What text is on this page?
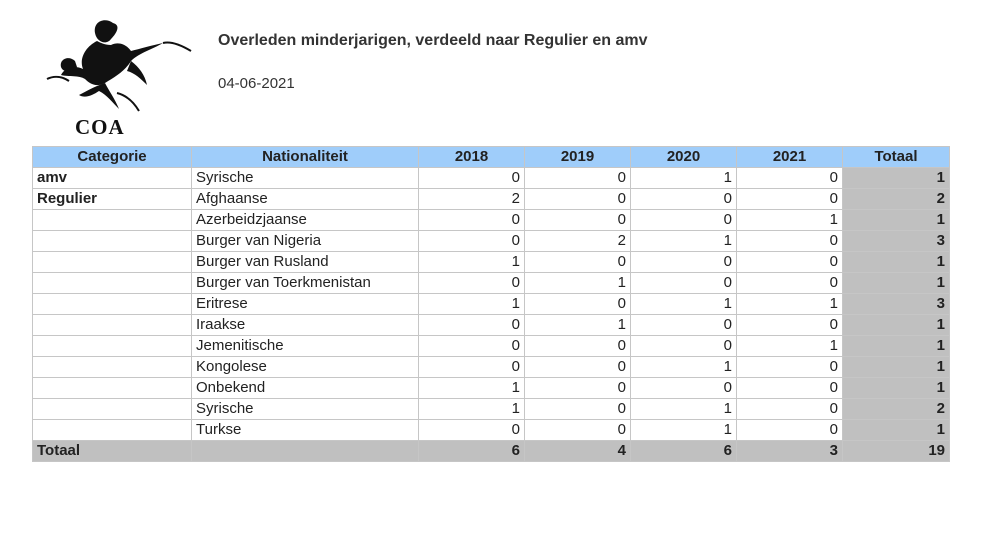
COA
Overleden minderjarigen, verdeeld naar Regulier en amv
04-06-2021
Categorie	Nationaliteit	2018	2019	2020	2021	Totaal
amv	Syrische	0	0	1	0	1
Regulier	Afghaanse	2	0	0	0	2
	Azerbeidzjaanse	0	0	0	1	1
	Burger van Nigeria	0	2	1	0	3
	Burger van Rusland	1	0	0	0	1
	Burger van Toerkmenistan	0	1	0	0	1
	Eritrese	1	0	1	1	3
	Iraakse	0	1	0	0	1
	Jemenitische	0	0	0	1	1
	Kongolese	0	0	1	0	1
	Onbekend	1	0	0	0	1
	Syrische	1	0	1	0	2
	Turkse	0	0	1	0	1
Totaal		6	4	6	3	19
